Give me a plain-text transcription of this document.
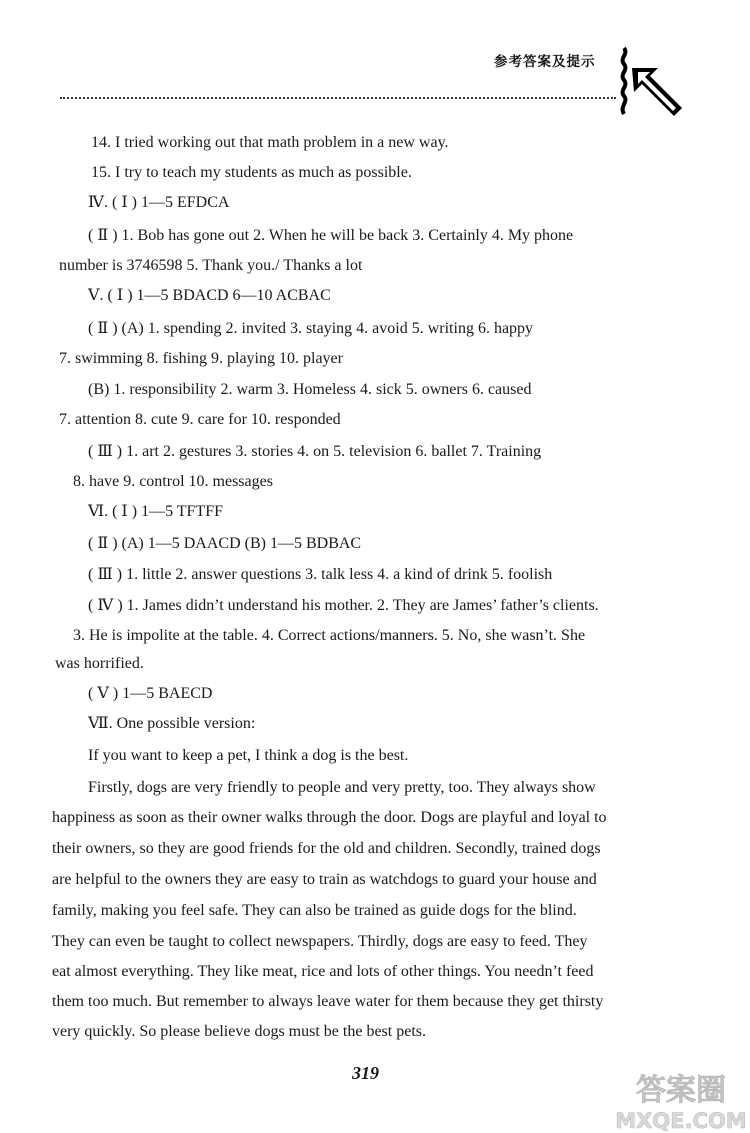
参考答案及提示
14. I tried working out that math problem in a new way.
15. I try to teach my students as much as possible.
Ⅳ. ( Ⅰ ) 1—5 EFDCA
( Ⅱ ) 1. Bob has gone out 2. When he will be back 3. Certainly 4. My phone
number is 3746598 5. Thank you./ Thanks a lot
Ⅴ. ( Ⅰ ) 1—5 BDACD 6—10 ACBAC
( Ⅱ ) (A) 1. spending 2. invited 3. staying 4. avoid 5. writing 6. happy
7. swimming 8. fishing 9. playing 10. player
(B) 1. responsibility 2. warm 3. Homeless 4. sick 5. owners 6. caused
7. attention 8. cute 9. care for 10. responded
( Ⅲ ) 1. art 2. gestures 3. stories 4. on 5. television 6. ballet 7. Training
8. have 9. control 10. messages
Ⅵ. ( Ⅰ ) 1—5 TFTFF
( Ⅱ ) (A) 1—5 DAACD (B) 1—5 BDBAC
( Ⅲ ) 1. little 2. answer questions 3. talk less 4. a kind of drink 5. foolish
( Ⅳ ) 1. James didn’t understand his mother. 2. They are James’ father’s clients.
3. He is impolite at the table. 4. Correct actions/manners. 5. No, she wasn’t. She
was horrified.
( Ⅴ ) 1—5 BAECD
Ⅶ. One possible version:
If you want to keep a pet, I think a dog is the best.
Firstly, dogs are very friendly to people and very pretty, too. They always show
happiness as soon as their owner walks through the door. Dogs are playful and loyal to
their owners, so they are good friends for the old and children. Secondly, trained dogs
are helpful to the owners they are easy to train as watchdogs to guard your house and
family, making you feel safe. They can also be trained as guide dogs for the blind.
They can even be taught to collect newspapers. Thirdly, dogs are easy to feed. They
eat almost everything. They like meat, rice and lots of other things. You needn’t feed
them too much. But remember to always leave water for them because they get thirsty
very quickly. So please believe dogs must be the best pets.
319	答案圈
MXQE.COM
